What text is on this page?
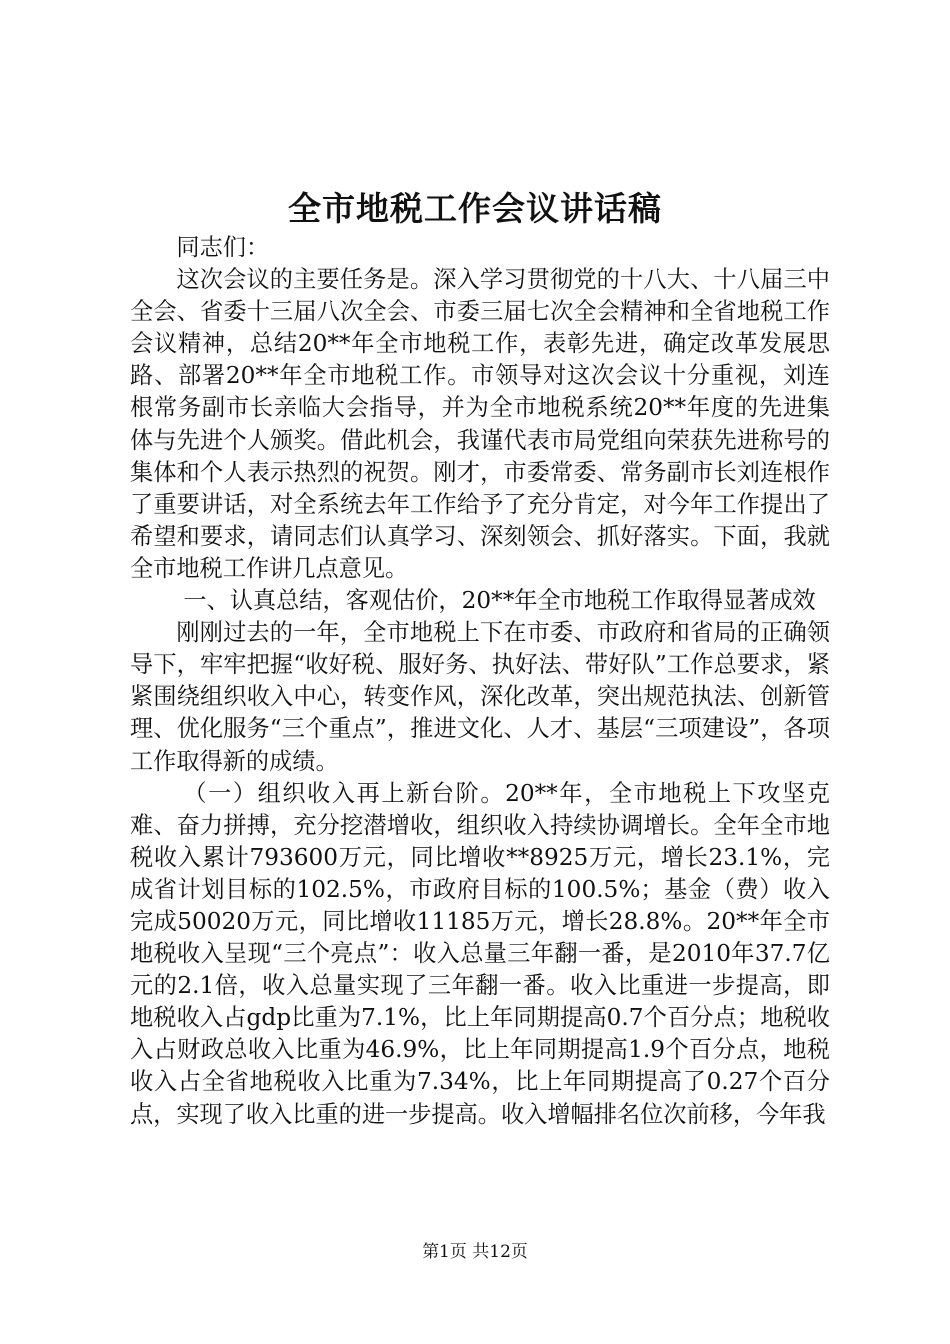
全市地税工作会议讲话稿

同志们：

这次会议的主要任务是。深入学习贯彻党的十八大、十八届三中全会、省委十三届八次全会、市委三届七次全会精神和全省地税工作会议精神，总结20**年全市地税工作，表彰先进，确定改革发展思路、部署20**年全市地税工作。市领导对这次会议十分重视，刘连根常务副市长亲临大会指导，并为全市地税系统20**年度的先进集体与先进个人颁奖。借此机会，我谨代表市局党组向荣获先进称号的集体和个人表示热烈的祝贺。刚才，市委常委、常务副市长刘连根作了重要讲话，对全系统去年工作给予了充分肯定，对今年工作提出了希望和要求，请同志们认真学习、深刻领会、抓好落实。下面，我就全市地税工作讲几点意见。

一、认真总结，客观估价，20**年全市地税工作取得显著成效

刚刚过去的一年，全市地税上下在市委、市政府和省局的正确领导下，牢牢把握“收好税、服好务、执好法、带好队”工作总要求，紧紧围绕组织收入中心，转变作风，深化改革，突出规范执法、创新管理、优化服务“三个重点”，推进文化、人才、基层“三项建设”，各项工作取得新的成绩。

（一）组织收入再上新台阶。20**年，全市地税上下攻坚克难、奋力拼搏，充分挖潜增收，组织收入持续协调增长。全年全市地税收入累计793600万元，同比增收**8925万元，增长23.1%，完成省计划目标的102.5%，市政府目标的100.5%；基金（费）收入完成50020万元，同比增收11185万元，增长28.8%。20**年全市地税收入呈现“三个亮点”：收入总量三年翻一番，是2010年37.7亿元的2.1倍，收入总量实现了三年翻一番。收入比重进一步提高，即地税收入占gdp比重为7.1%，比上年同期提高0.7个百分点；地税收入占财政总收入比重为46.9%，比上年同期提高1.9个百分点，地税收入占全省地税收入比重为7.34%，比上年同期提高了0.27个百分点，实现了收入比重的进一步提高。收入增幅排名位次前移，今年我

第1页 共12页
